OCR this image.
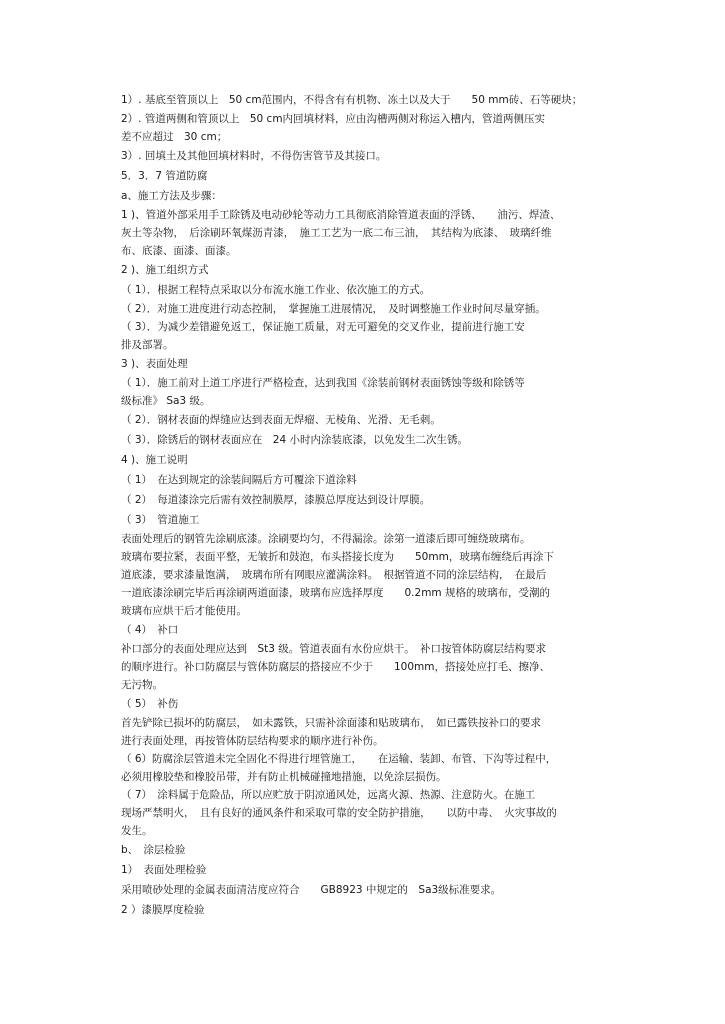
1）. 基底至管顶以上　50 cm范围内，不得含有有机物、冻土以及大于　　50 mm砖、石等硬块；
2）. 管道两侧和管顶以上　50 cm内回填材料，应由沟槽两侧对称运入槽内，管道两侧压实
差不应超过　30 cm；
3）. 回填土及其他回填材料时，不得伤害管节及其接口。
5．3．7 管道防腐
a、施工方法及步骤：
1 )、管道外部采用手工除锈及电动砂轮等动力工具彻底消除管道表面的浮锈、　　油污、焊渣、
灰土等杂物，　后涂刷环氧煤沥青漆，　施工工艺为一底二布三油，　其结构为底漆、　玻璃纤维
布、底漆、面漆、面漆。
2 )、施工组织方式
（ 1）．根据工程特点采取以分布流水施工作业、依次施工的方式。
（ 2）．对施工进度进行动态控制，　掌握施工进展情况，　及时调整施工作业时间尽量穿插。
（ 3）．为减少差错避免返工，保证施工质量，对无可避免的交叉作业，提前进行施工安
排及部署。
3 )、表面处理
（ 1）．施工前对上道工序进行严格检查，达到我国《涂装前钢材表面锈蚀等级和除锈等
级标准》 Sa3 级。
（ 2）．钢材表面的焊缝应达到表面无焊瘤、无棱角、光滑、无毛刺。
（ 3）．除锈后的钢材表面应在　24 小时内涂装底漆，以免发生二次生锈。
4 )、施工说明
（ 1）　在达到规定的涂装间隔后方可覆涂下道涂料
（ 2）　每道漆涂完后需有效控制膜厚，漆膜总厚度达到设计厚膜。
（ 3）　管道施工
表面处理后的钢管先涂刷底漆。涂刷要均匀，不得漏涂。涂第一道漆后即可缠绕玻璃布。
玻璃布要拉紧，表面平整，无皱折和鼓泡，布头搭接长度为　　50mm，玻璃布缠绕后再涂下
道底漆，要求漆量饱满，　玻璃布所有网眼应灌满涂料。　根据管道不同的涂层结构，　在最后
一道底漆涂刷完毕后再涂刷两道面漆，玻璃布应选择厚度　　0.2mm 规格的玻璃布，受潮的
玻璃布应烘干后才能使用。
（ 4）　补口
补口部分的表面处理应达到　St3 级。管道表面有水份应烘干。　补口按管体防腐层结构要求
的顺序进行。补口防腐层与管体防腐层的搭接应不少于　　100mm，搭接处应打毛、擦净、
无污物。
（ 5）　补伤
首先铲除已损坏的防腐层，　如未露铁，只需补涂面漆和贴玻璃布，　如已露铁按补口的要求
进行表面处理，再按管体防层结构要求的顺序进行补伤。
（ 6）防腐涂层管道未完全固化不得进行埋管施工，　　在运输、装卸、布管、下沟等过程中，
必须用橡胶垫和橡胶吊带，并有防止机械碰撞地措施，以免涂层损伤。
（ 7）　涂料属于危险品，所以应贮放于阴凉通风处，远离火源、热源、注意防火。在施工
现场严禁明火，　且有良好的通风条件和采取可靠的安全防护措施，　　以防中毒、　火灾事故的
发生。
b、　涂层检验
1）　表面处理检验
采用喷砂处理的金属表面清洁度应符合　　GB8923 中规定的　Sa3级标准要求。
2 ）漆膜厚度检验
